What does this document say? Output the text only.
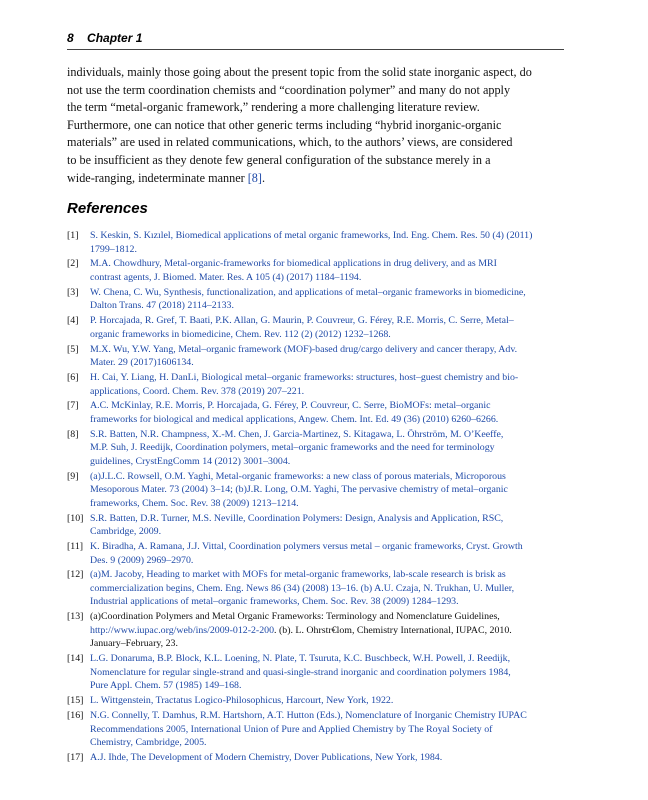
8 Chapter 1
individuals, mainly those going about the present topic from the solid state inorganic aspect, do
not use the term coordination chemists and “coordination polymer” and many do not apply
the term “metal-organic framework,” rendering a more challenging literature review.
Furthermore, one can notice that other generic terms including “hybrid inorganic-organic
materials” are used in related communications, which, to the authors’ views, are considered
to be insufficient as they denote few general configuration of the substance merely in a
wide-ranging, indeterminate manner [8].
References
[1] S. Keskin, S. Kızılel, Biomedical applications of metal organic frameworks, Ind. Eng. Chem. Res. 50 (4) (2011)
1799–1812.
[2] M.A. Chowdhury, Metal-organic-frameworks for biomedical applications in drug delivery, and as MRI
contrast agents, J. Biomed. Mater. Res. A 105 (4) (2017) 1184–1194.
[3] W. Chena, C. Wu, Synthesis, functionalization, and applications of metal–organic frameworks in biomedicine,
Dalton Trans. 47 (2018) 2114–2133.
[4] P. Horcajada, R. Gref, T. Baati, P.K. Allan, G. Maurin, P. Couvreur, G. Férey, R.E. Morris, C. Serre, Metal–
organic frameworks in biomedicine, Chem. Rev. 112 (2) (2012) 1232–1268.
[5] M.X. Wu, Y.W. Yang, Metal–organic framework (MOF)-based drug/cargo delivery and cancer therapy, Adv.
Mater. 29 (2017)1606134.
[6] H. Cai, Y. Liang, H. DanLi, Biological metal–organic frameworks: structures, host–guest chemistry and bio-
applications, Coord. Chem. Rev. 378 (2019) 207–221.
[7] A.C. McKinlay, R.E. Morris, P. Horcajada, G. Férey, P. Couvreur, C. Serre, BioMOFs: metal–organic
frameworks for biological and medical applications, Angew. Chem. Int. Ed. 49 (36) (2010) 6260–6266.
[8] S.R. Batten, N.R. Champness, X.-M. Chen, J. Garcia-Martinez, S. Kitagawa, L. Öhrström, M. O’Keeffe,
M.P. Suh, J. Reedijk, Coordination polymers, metal–organic frameworks and the need for terminology
guidelines, CrystEngComm 14 (2012) 3001–3004.
[9] (a)J.L.C. Rowsell, O.M. Yaghi, Metal-organic frameworks: a new class of porous materials, Microporous
Mesoporous Mater. 73 (2004) 3–14; (b)J.R. Long, O.M. Yaghi, The pervasive chemistry of metal–organic
frameworks, Chem. Soc. Rev. 38 (2009) 1213–1214.
[10] S.R. Batten, D.R. Turner, M.S. Neville, Coordination Polymers: Design, Analysis and Application, RSC,
Cambridge, 2009.
[11] K. Biradha, A. Ramana, J.J. Vittal, Coordination polymers versus metal – organic frameworks, Cryst. Growth
Des. 9 (2009) 2969–2970.
[12] (a)M. Jacoby, Heading to market with MOFs for metal-organic frameworks, lab-scale research is brisk as
commercialization begins, Chem. Eng. News 86 (34) (2008) 13–16. (b) A.U. Czaja, N. Trukhan, U. Muller,
Industrial applications of metal–organic frameworks, Chem. Soc. Rev. 38 (2009) 1284–1293.
[13] (a)Coordination Polymers and Metal Organic Frameworks: Terminology and Nomenclature Guidelines,
http://www.iupac.org/web/ins/2009-012-2-200. (b). L. Ohrstr€lom, Chemistry International, IUPAC, 2010.
January–February, 23.
[14] L.G. Donaruma, B.P. Block, K.L. Loening, N. Plate, T. Tsuruta, K.C. Buschbeck, W.H. Powell, J. Reedijk,
Nomenclature for regular single-strand and quasi-single-strand inorganic and coordination polymers 1984,
Pure Appl. Chem. 57 (1985) 149–168.
[15] L. Wittgenstein, Tractatus Logico-Philosophicus, Harcourt, New York, 1922.
[16] N.G. Connelly, T. Damhus, R.M. Hartshorn, A.T. Hutton (Eds.), Nomenclature of Inorganic Chemistry IUPAC
Recommendations 2005, International Union of Pure and Applied Chemistry by The Royal Society of
Chemistry, Cambridge, 2005.
[17] A.J. Ihde, The Development of Modern Chemistry, Dover Publications, New York, 1984.
